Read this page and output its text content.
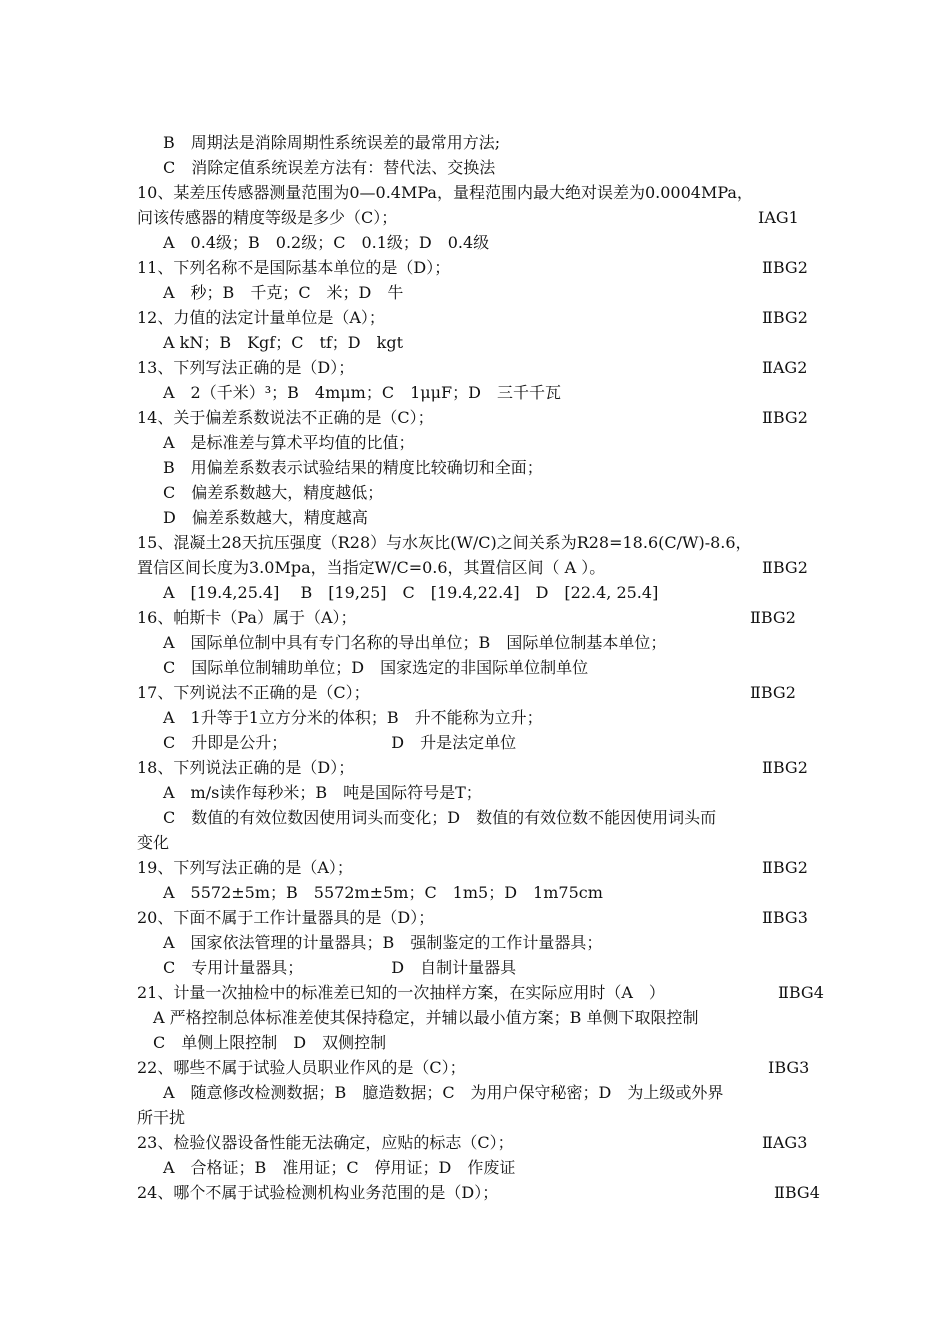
B　周期法是消除周期性系统误差的最常用方法;
C　消除定值系统误差方法有：替代法、交换法
10、某差压传感器测量范围为0—0.4MPa，量程范围内最大绝对误差为0.0004MPa，
问该传感器的精度等级是多少（C）；	IAG1
A　0.4级；B　0.2级；C　0.1级；D　0.4级
11、下列名称不是国际基本单位的是（D）；	ⅡBG2
A　秒；B　千克；C　米；D　牛
12、力值的法定计量单位是（A）；	ⅡBG2
A kN；B　Kgf；C　tf；D　kgt
13、下列写法正确的是（D）；	ⅡAG2
A　2（千米）³；B　4mμm；C　1μμF；D　三千千瓦
14、关于偏差系数说法不正确的是（C）；	ⅡBG2
A　是标准差与算术平均值的比值；
B　用偏差系数表示试验结果的精度比较确切和全面；
C　偏差系数越大，精度越低；
D　偏差系数越大，精度越高
15、混凝土28天抗压强度（R28）与水灰比(W/C)之间关系为R28=18.6(C/W)-8.6，
置信区间长度为3.0Mpa，当指定W/C=0.6，其置信区间（ A ）。	ⅡBG2
A　[19.4,25.4]　 B　[19,25]　C　[19.4,22.4]　D　[22.4, 25.4]
16、帕斯卡（Pa）属于（A）；	ⅡBG2
A　国际单位制中具有专门名称的导出单位；B　国际单位制基本单位；
C　国际单位制辅助单位；D　国家选定的非国际单位制单位
17、下列说法不正确的是（C）；	ⅡBG2
A　1升等于1立方分米的体积；B　升不能称为立升；
C　升即是公升；　　　　　　　D　升是法定单位
18、下列说法正确的是（D）；	ⅡBG2
A　m/s读作每秒米；B　吨是国际符号是T；
C　数值的有效位数因使用词头而变化；D　数值的有效位数不能因使用词头而
变化
19、下列写法正确的是（A）；	ⅡBG2
A　5572±5m；B　5572m±5m；C　1m5；D　1m75cm
20、下面不属于工作计量器具的是（D）；	ⅡBG3
A　国家依法管理的计量器具；B　强制鉴定的工作计量器具；
C　专用计量器具；　　　　　　D　自制计量器具
21、计量一次抽检中的标准差已知的一次抽样方案，在实际应用时（A　）	ⅡBG4
A 严格控制总体标准差使其保持稳定，并辅以最小值方案；B 单侧下取限控制
C　单侧上限控制　D　双侧控制
22、哪些不属于试验人员职业作风的是（C）；	IBG3
A　随意修改检测数据；B　臆造数据；C　为用户保守秘密；D　为上级或外界
所干扰
23、检验仪器设备性能无法确定，应贴的标志（C）；	ⅡAG3
A　合格证；B　准用证；C　停用证；D　作废证
24、哪个不属于试验检测机构业务范围的是（D）；	ⅡBG4
